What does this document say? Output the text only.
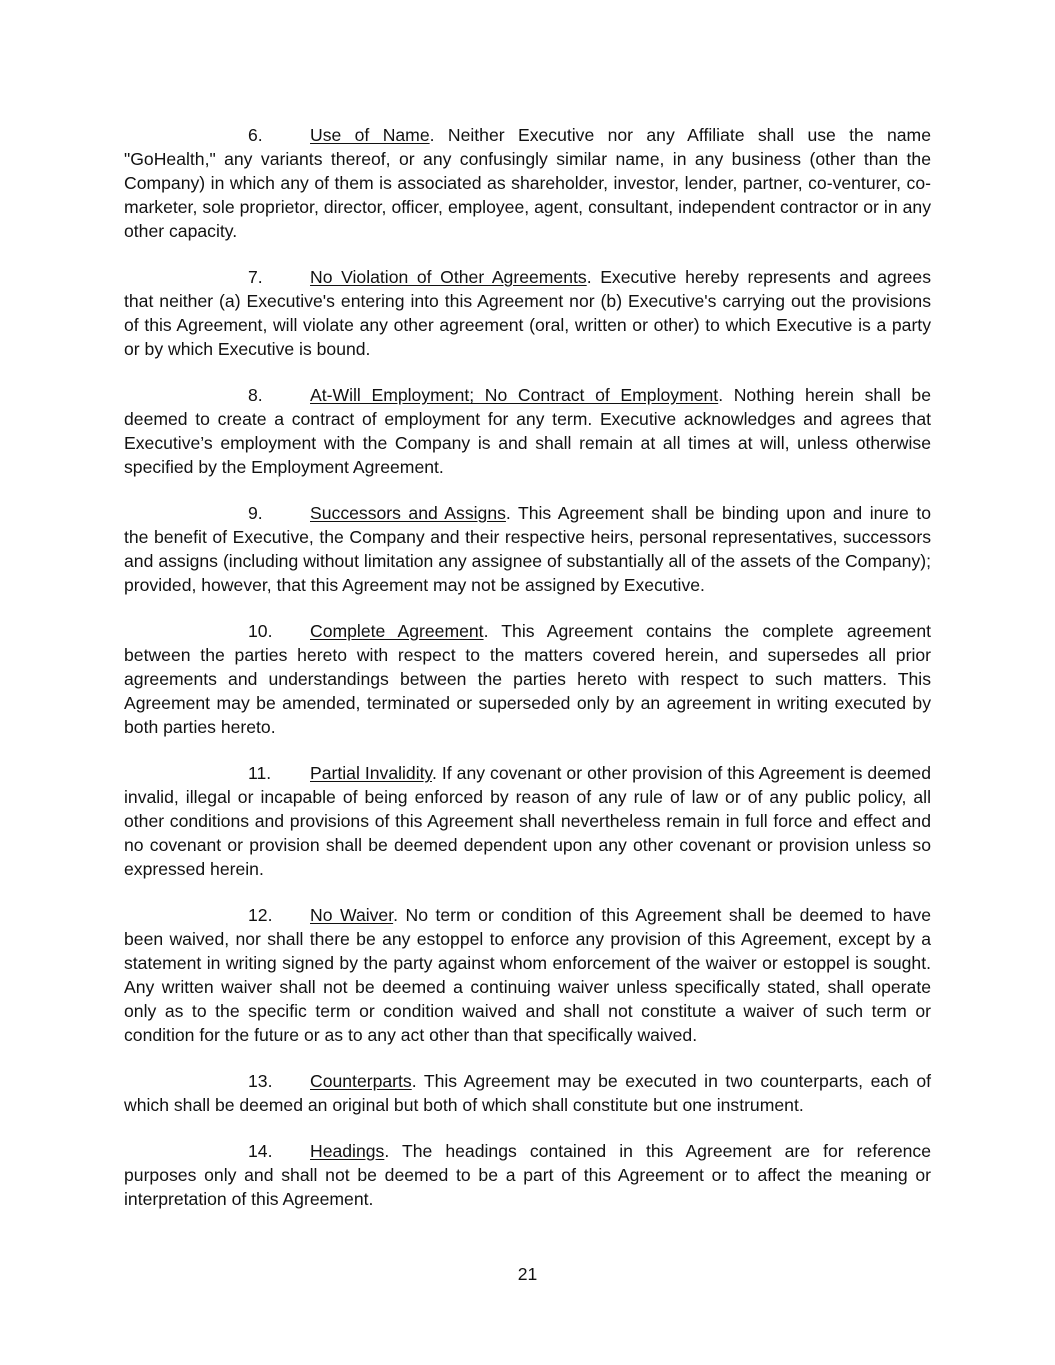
6.	Use of Name. Neither Executive nor any Affiliate shall use the name "GoHealth," any variants thereof, or any confusingly similar name, in any business (other than the Company) in which any of them is associated as shareholder, investor, lender, partner, co-venturer, co-marketer, sole proprietor, director, officer, employee, agent, consultant, independent contractor or in any other capacity.

7.	No Violation of Other Agreements. Executive hereby represents and agrees that neither (a) Executive's entering into this Agreement nor (b) Executive's carrying out the provisions of this Agreement, will violate any other agreement (oral, written or other) to which Executive is a party or by which Executive is bound.

8.	At-Will Employment; No Contract of Employment. Nothing herein shall be deemed to create a contract of employment for any term. Executive acknowledges and agrees that Executive’s employment with the Company is and shall remain at all times at will, unless otherwise specified by the Employment Agreement.

9.	Successors and Assigns. This Agreement shall be binding upon and inure to the benefit of Executive, the Company and their respective heirs, personal representatives, successors and assigns (including without limitation any assignee of substantially all of the assets of the Company); provided, however, that this Agreement may not be assigned by Executive.

10. Complete Agreement. This Agreement contains the complete agreement between the parties hereto with respect to the matters covered herein, and supersedes all prior agreements and understandings between the parties hereto with respect to such matters. This Agreement may be amended, terminated or superseded only by an agreement in writing executed by both parties hereto.

11. Partial Invalidity. If any covenant or other provision of this Agreement is deemed invalid, illegal or incapable of being enforced by reason of any rule of law or of any public policy, all other conditions and provisions of this Agreement shall nevertheless remain in full force and effect and no covenant or provision shall be deemed dependent upon any other covenant or provision unless so expressed herein.

12. No Waiver. No term or condition of this Agreement shall be deemed to have been waived, nor shall there be any estoppel to enforce any provision of this Agreement, except by a statement in writing signed by the party against whom enforcement of the waiver or estoppel is sought. Any written waiver shall not be deemed a continuing waiver unless specifically stated, shall operate only as to the specific term or condition waived and shall not constitute a waiver of such term or condition for the future or as to any act other than that specifically waived.

13. Counterparts. This Agreement may be executed in two counterparts, each of which shall be deemed an original but both of which shall constitute but one instrument.

14. Headings. The headings contained in this Agreement are for reference purposes only and shall not be deemed to be a part of this Agreement or to affect the meaning or interpretation of this Agreement.

21
